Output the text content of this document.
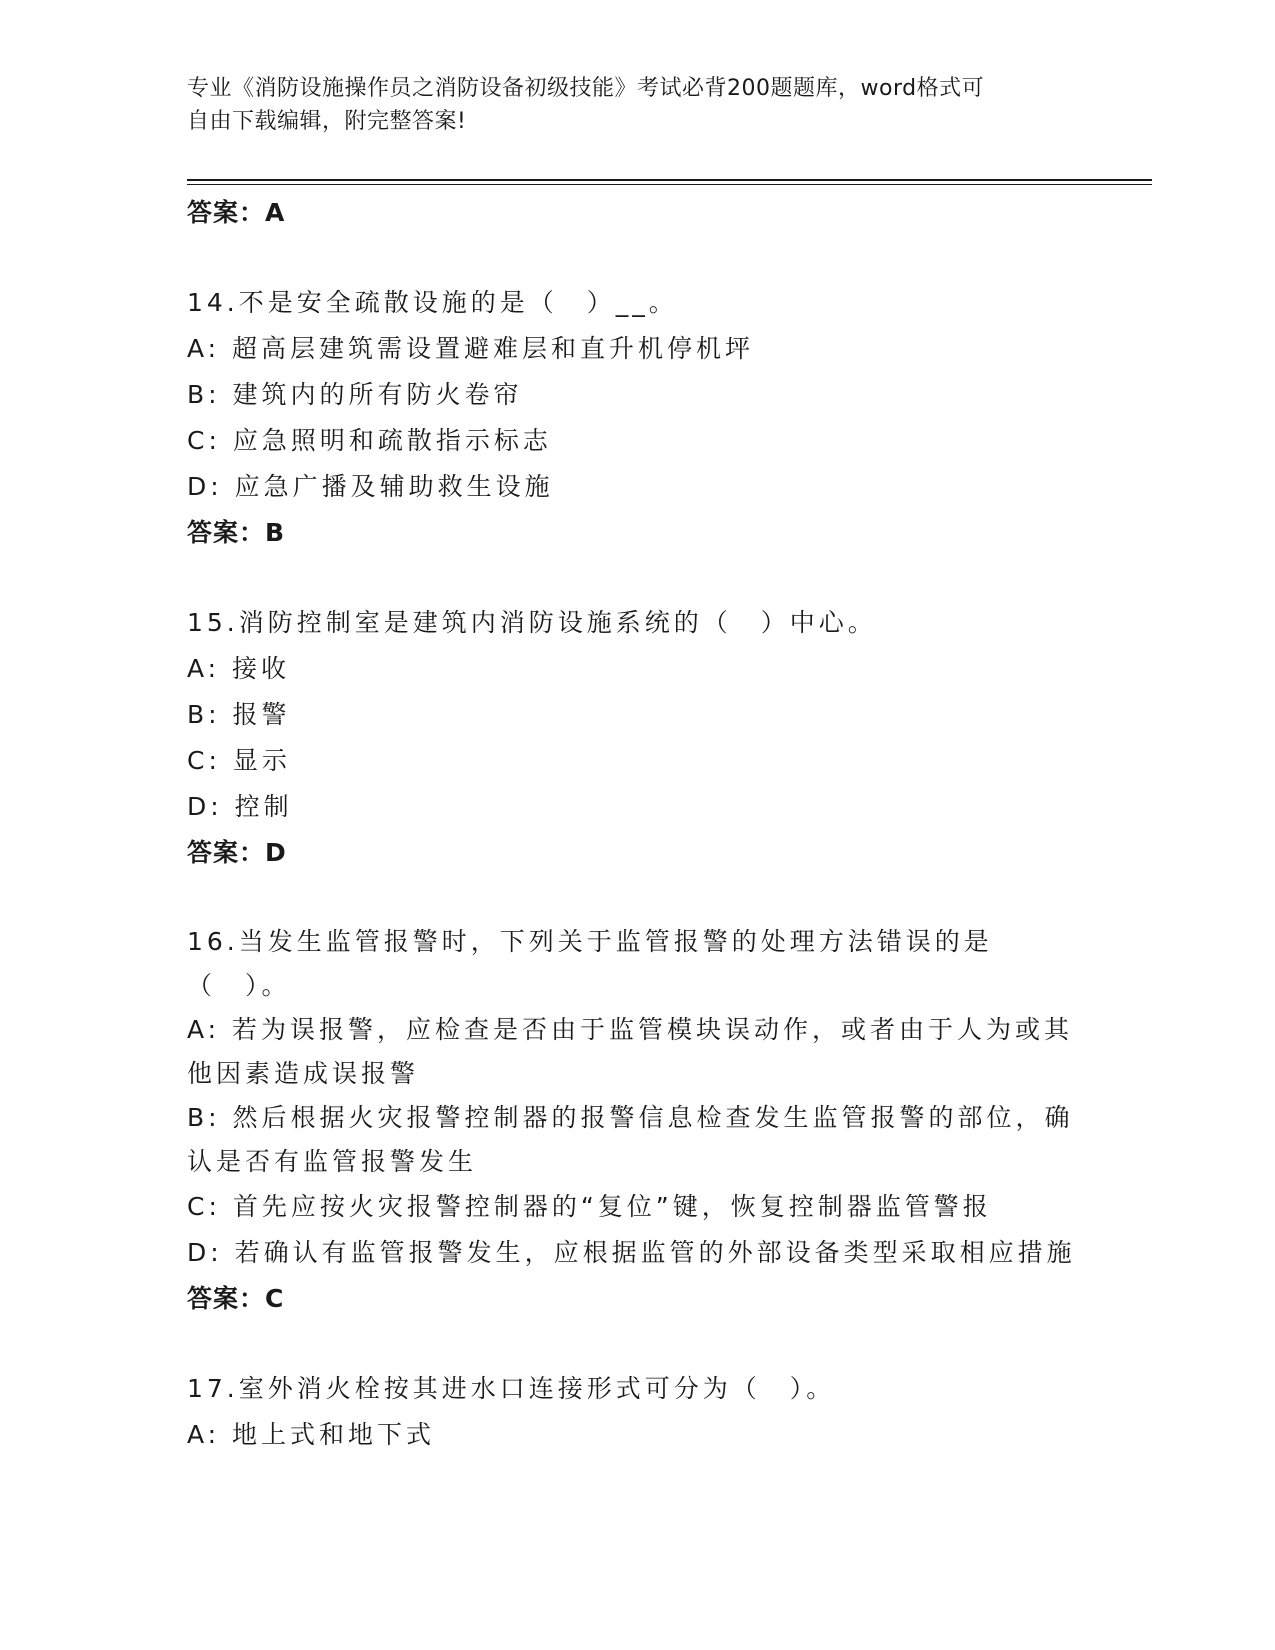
专业《消防设施操作员之消防设备初级技能》考试必背200题题库，word格式可
自由下载编辑，附完整答案!
答案：A

14.不是安全疏散设施的是（　）__。

A: 超高层建筑需设置避难层和直升机停机坪

B: 建筑内的所有防火卷帘

C: 应急照明和疏散指示标志

D: 应急广播及辅助救生设施

答案：B

15.消防控制室是建筑内消防设施系统的（　）中心。

A: 接收

B: 报警

C: 显示

D: 控制

答案：D

16.当发生监管报警时，下列关于监管报警的处理方法错误的是（　）。

A: 若为误报警，应检查是否由于监管模块误动作，或者由于人为或其他因素造成误报警

B: 然后根据火灾报警控制器的报警信息检查发生监管报警的部位，确认是否有监管报警发生

C: 首先应按火灾报警控制器的“复位”键，恢复控制器监管警报

D: 若确认有监管报警发生，应根据监管的外部设备类型采取相应措施

答案：C

17.室外消火栓按其进水口连接形式可分为（　）。

A: 地上式和地下式
